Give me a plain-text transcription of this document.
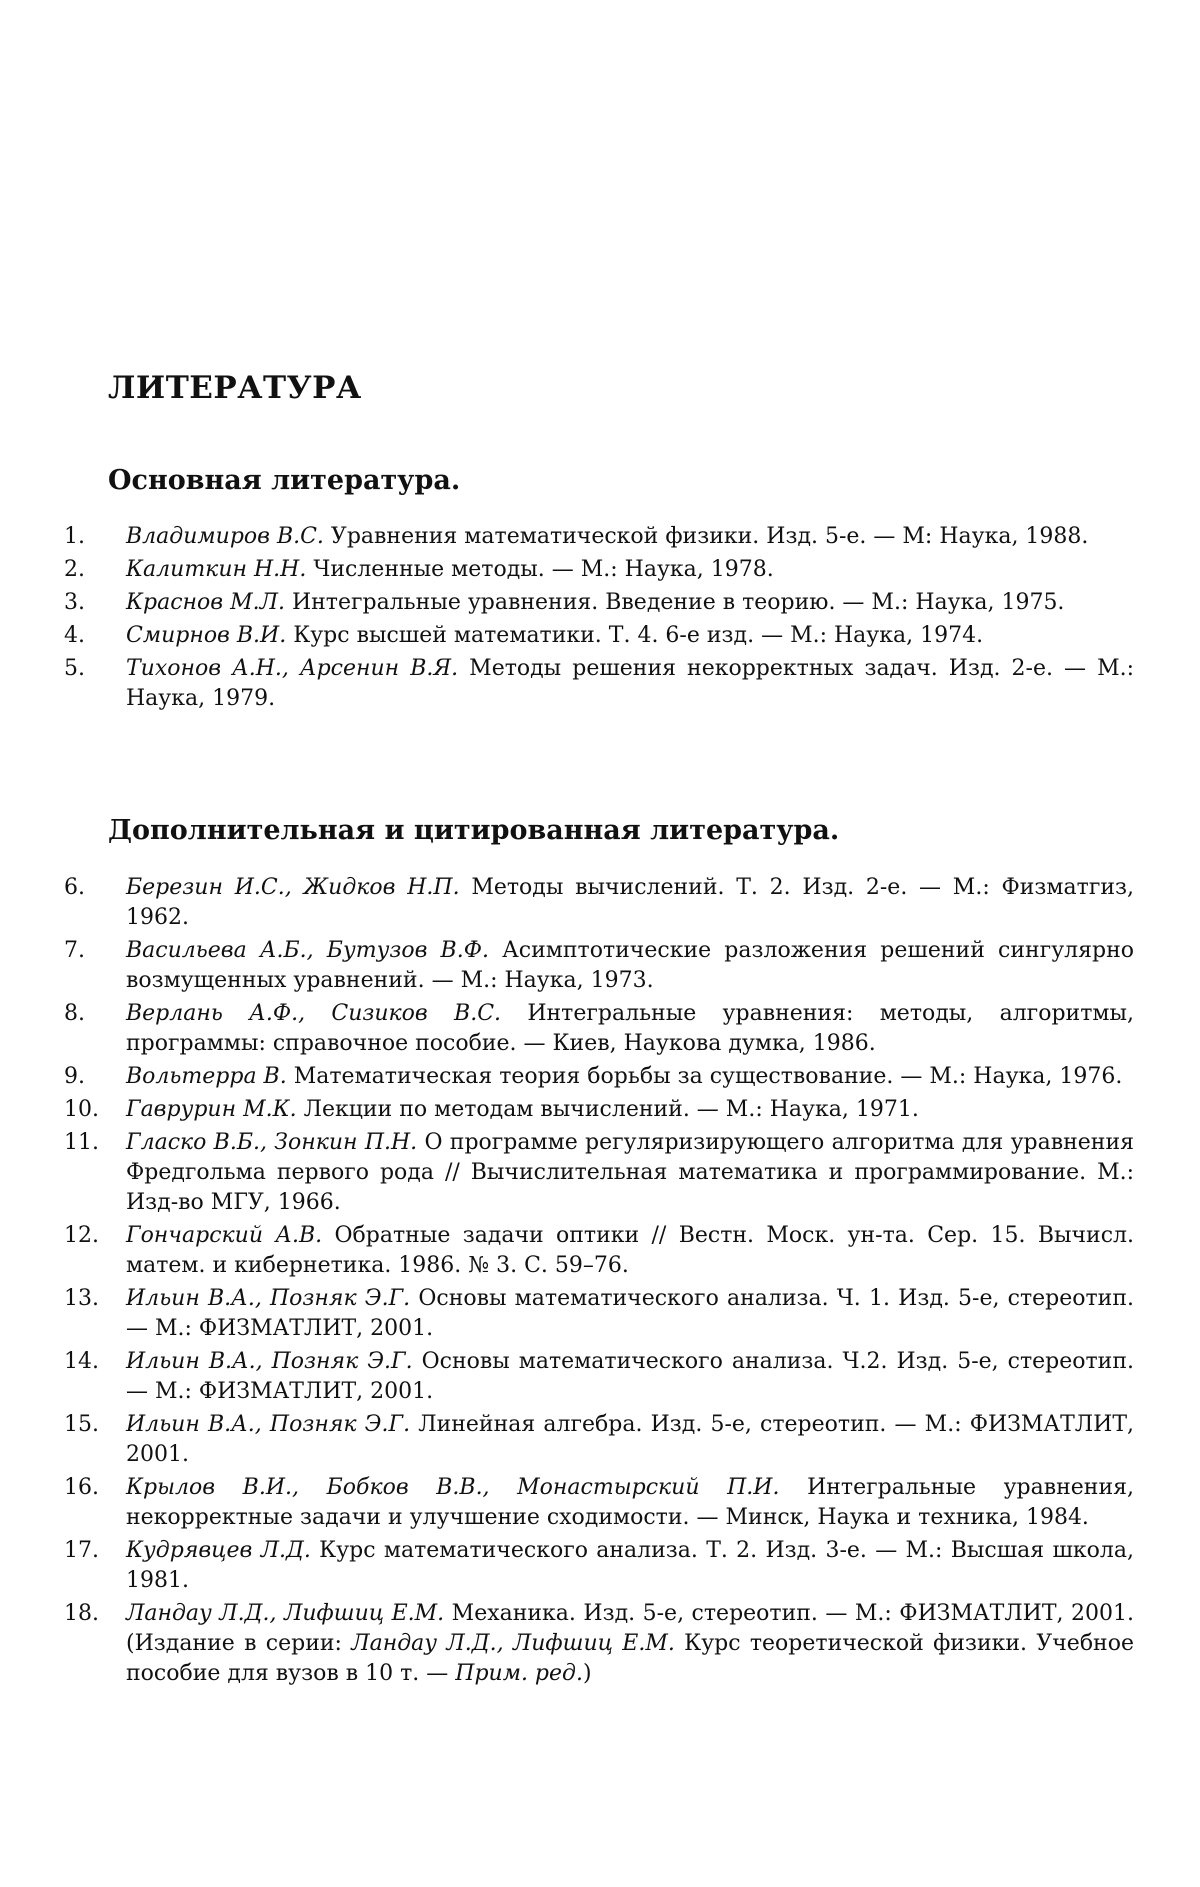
ЛИТЕРАТУРА
Основная литература.
1.	Владимиров В.С. Уравнения математической физики. Изд. 5-е. — М: Наука, 1988.
2.	Калиткин Н.Н. Численные методы. — М.: Наука, 1978.
3.	Краснов М.Л. Интегральные уравнения. Введение в теорию. — М.: Наука, 1975.
4.	Смирнов В.И. Курс высшей математики. Т. 4. 6-е изд. — М.: Наука, 1974.
5.	Тихонов А.Н., Арсенин В.Я. Методы решения некорректных задач. Изд. 2-е. — М.: Наука, 1979.
Дополнительная и цитированная литература.
6.	Березин И.С., Жидков Н.П. Методы вычислений. Т. 2. Изд. 2-е. — М.: Физматгиз, 1962.
7.	Васильева А.Б., Бутузов В.Ф. Асимптотические разложения решений сингулярно возмущенных уравнений. — М.: Наука, 1973.
8.	Верлань А.Ф., Сизиков В.С. Интегральные уравнения: методы, алгоритмы, программы: справочное пособие. — Киев, Наукова думка, 1986.
9.	Вольтерра В. Математическая теория борьбы за существование. — М.: Наука, 1976.
10.	Гаврурин М.К. Лекции по методам вычислений. — М.: Наука, 1971.
11.	Гласко В.Б., Зонкин П.Н. О программе регуляризирующего алгоритма для уравнения Фредгольма первого рода // Вычислительная математика и программирование. М.: Изд-во МГУ, 1966.
12.	Гончарский А.В. Обратные задачи оптики // Вестн. Моск. ун-та. Сер. 15. Вычисл. матем. и кибернетика. 1986. № 3. С. 59–76.
13.	Ильин В.А., Позняк Э.Г. Основы математического анализа. Ч. 1. Изд. 5-е, стереотип. — М.: ФИЗМАТЛИТ, 2001.
14.	Ильин В.А., Позняк Э.Г. Основы математического анализа. Ч.2. Изд. 5-е, стереотип. — М.: ФИЗМАТЛИТ, 2001.
15.	Ильин В.А., Позняк Э.Г. Линейная алгебра. Изд. 5-е, стереотип. — М.: ФИЗМАТЛИТ, 2001.
16.	Крылов В.И., Бобков В.В., Монастырский П.И. Интегральные уравнения, некорректные задачи и улучшение сходимости. — Минск, Наука и техника, 1984.
17.	Кудрявцев Л.Д. Курс математического анализа. Т. 2. Изд. 3-е. — М.: Высшая школа, 1981.
18.	Ландау Л.Д., Лифшиц Е.М. Механика. Изд. 5-е, стереотип. — М.: ФИЗМАТЛИТ, 2001. (Издание в серии: Ландау Л.Д., Лифшиц Е.М. Курс теоретической физики. Учебное пособие для вузов в 10 т. — Прим. ред.)
